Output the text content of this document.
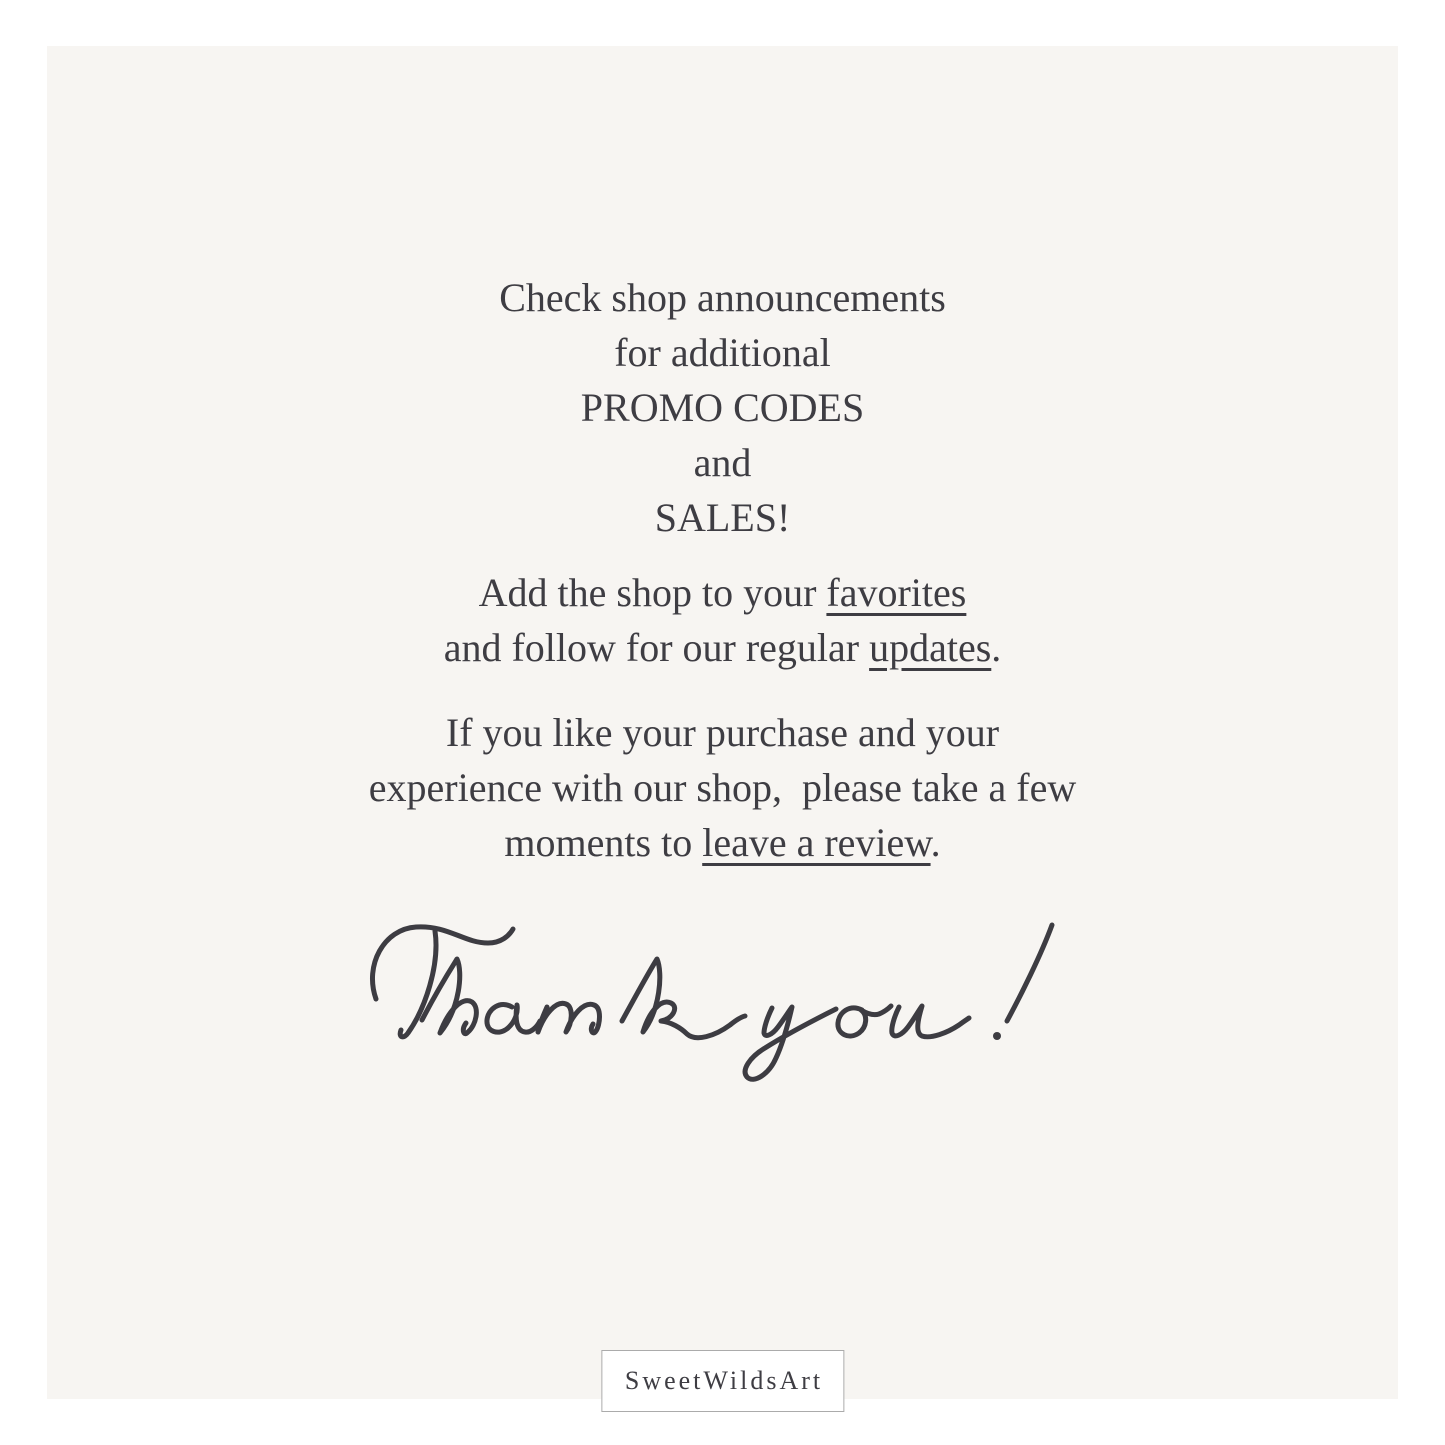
Check shop announcements
for additional
PROMO CODES
and
SALES!
Add the shop to your favorites
and follow for our regular updates.
If you like your purchase and your
experience with our shop,  please take a few
moments to leave a review.
SweetWildsArt
